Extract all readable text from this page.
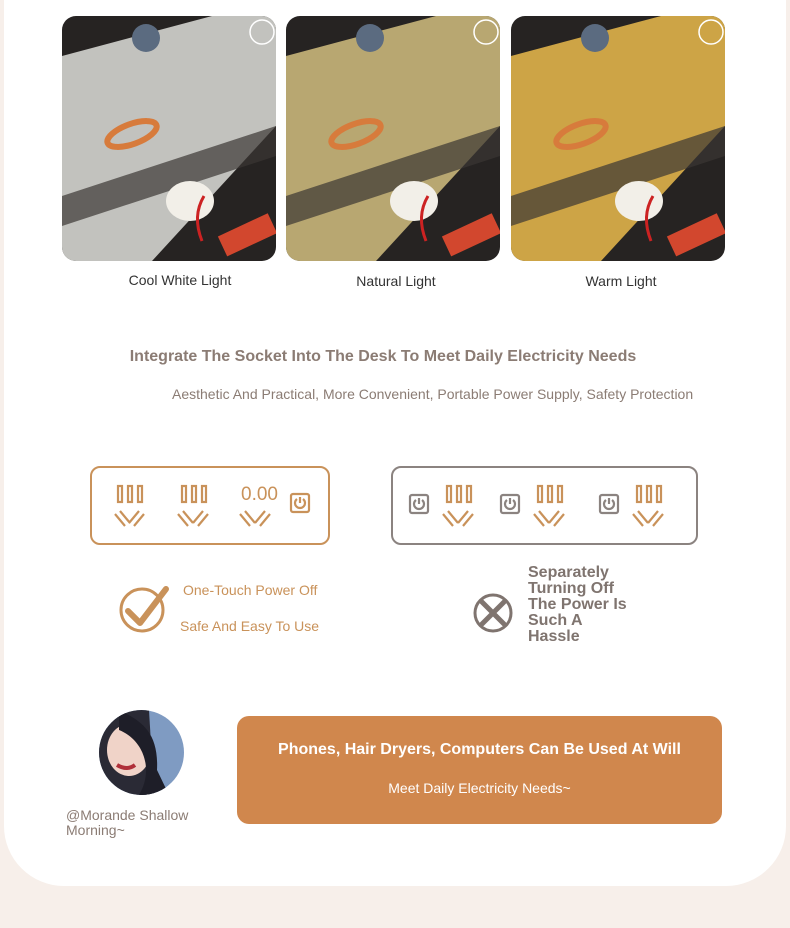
Cool White Light	Natural Light	Warm Light
Integrate The Socket Into The Desk To Meet Daily Electricity Needs
Aesthetic And Practical, More Convenient, Portable Power Supply, Safety Protection
0.00
One-Touch Power Off
Safe And Easy To Use
Separately
Turning Off
The Power Is
Such A
Hassle
@Morande Shallow
Morning~
Phones, Hair Dryers, Computers Can Be Used At Will
Meet Daily Electricity Needs~
